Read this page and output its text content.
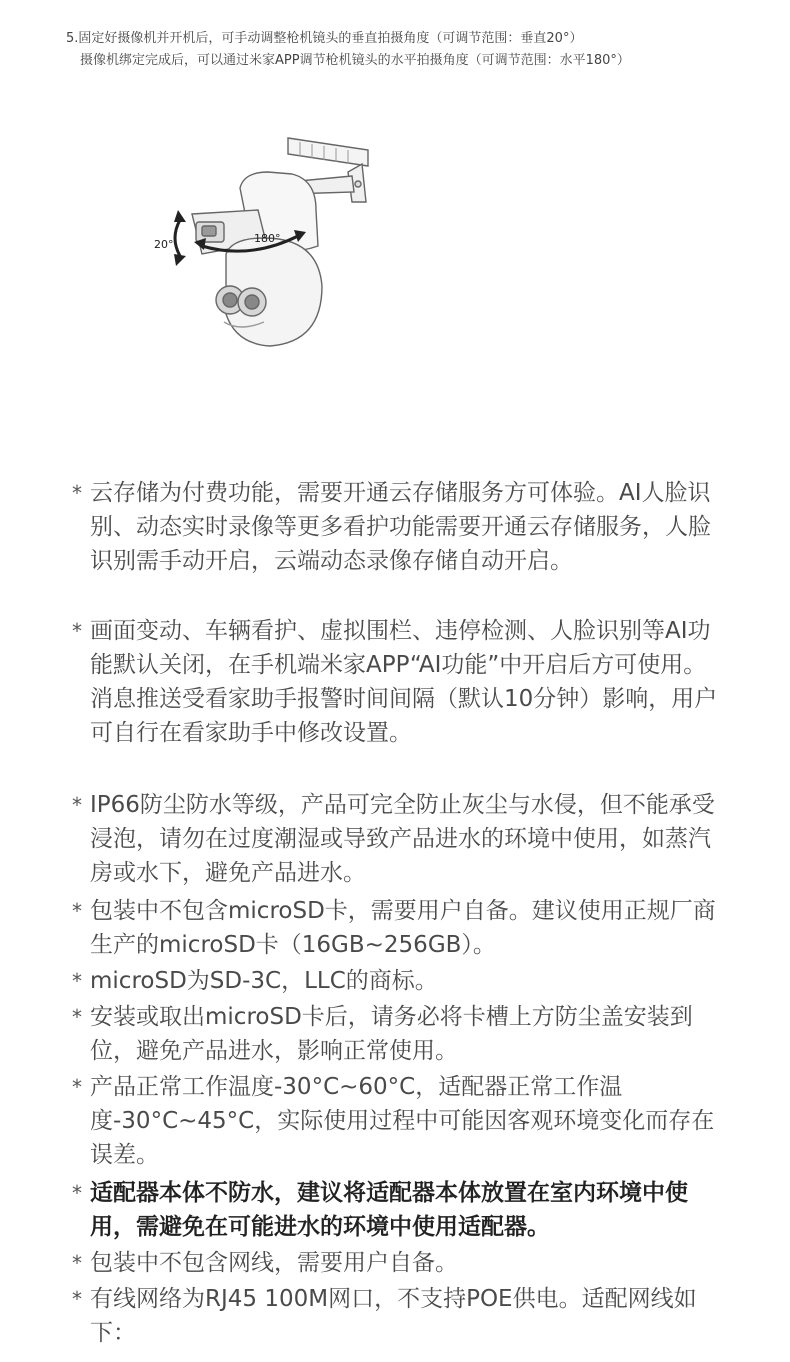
5.固定好摄像机并开机后，可手动调整枪机镜头的垂直拍摄角度（可调节范围：垂直20°）
摄像机绑定完成后，可以通过米家APP调节枪机镜头的水平拍摄角度（可调节范围：水平180°）
20°	180°
* 云存储为付费功能，需要开通云存储服务方可体验。AI人脸识别、动态实时录像等更多看护功能需要开通云存储服务，人脸识别需手动开启，云端动态录像存储自动开启。
* 画面变动、车辆看护、虚拟围栏、违停检测、人脸识别等AI功能默认关闭，在手机端米家APP“AI功能”中开启后方可使用。消息推送受看家助手报警时间间隔（默认10分钟）影响，用户可自行在看家助手中修改设置。
* IP66防尘防水等级，产品可完全防止灰尘与水侵，但不能承受浸泡，请勿在过度潮湿或导致产品进水的环境中使用，如蒸汽房或水下，避免产品进水。
* 包装中不包含microSD卡，需要用户自备。建议使用正规厂商生产的microSD卡（16GB~256GB）。
* microSD为SD-3C，LLC的商标。
* 安装或取出microSD卡后，请务必将卡槽上方防尘盖安装到位，避免产品进水，影响正常使用。
* 产品正常工作温度-30°C~60°C，适配器正常工作温度-30°C~45°C，实际使用过程中可能因客观环境变化而存在误差。
* 适配器本体不防水，建议将适配器本体放置在室内环境中使用，需避免在可能进水的环境中使用适配器。
* 包装中不包含网线，需要用户自备。
* 有线网络为RJ45 100M网口，不支持POE供电。适配网线如下：
